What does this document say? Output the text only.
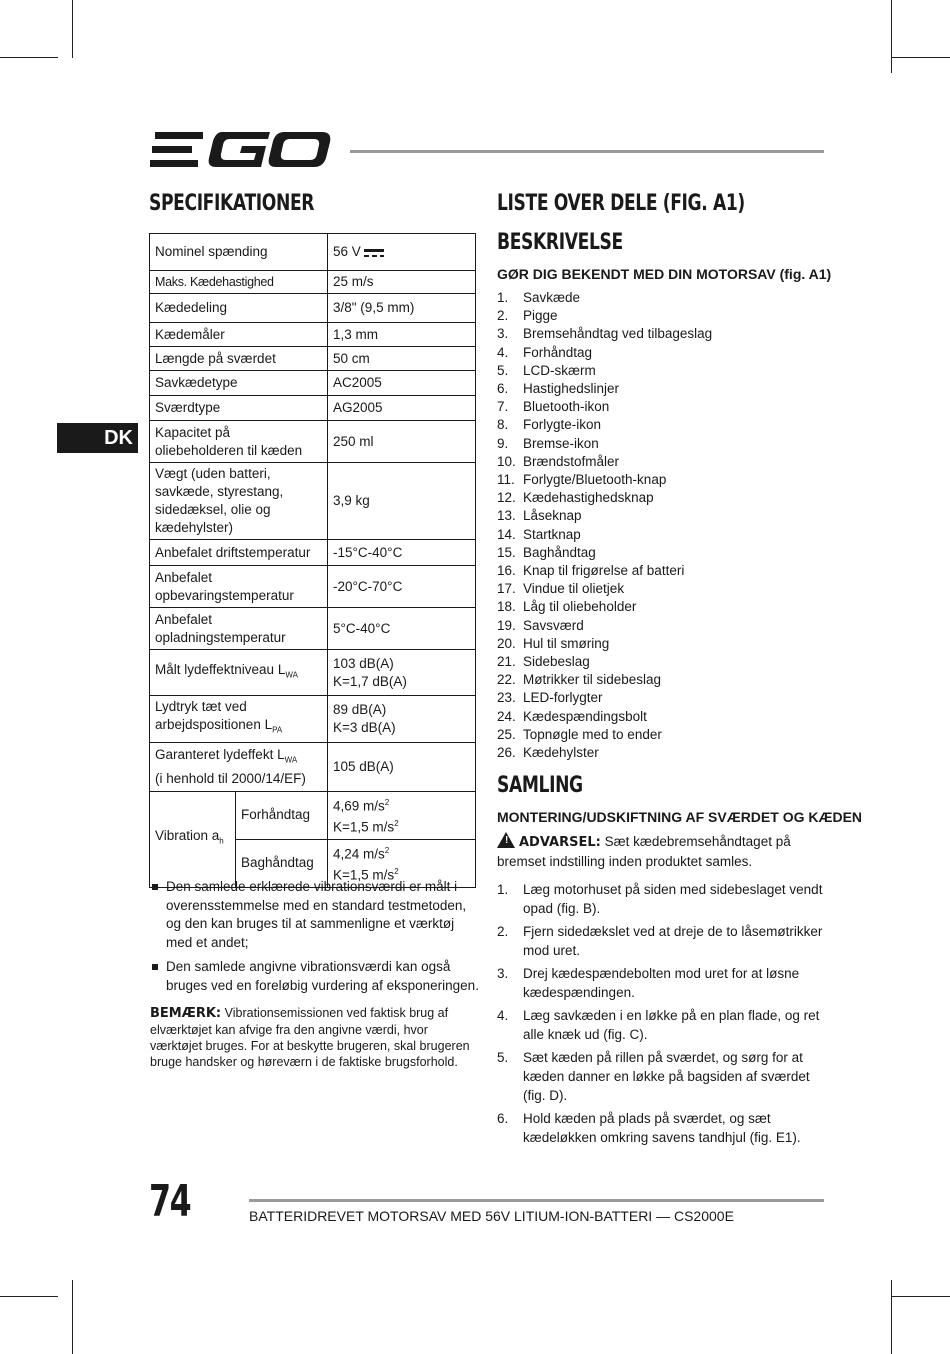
DK
SPECIFIKATIONER
Nominel spænding		56 V
Maks. Kædehastighed		25 m/s
Kædedeling		3/8" (9,5 mm)
Kædemåler		1,3 mm
Længde på sværdet		50 cm
Savkædetype		AC2005
Sværdtype		AG2005
Kapacitet på oliebeholderen til kæden		250 ml
Vægt (uden batteri, savkæde, styrestang, sidedæksel, olie og kædehylster)		3,9 kg
Anbefalet driftstemperatur		-15°C-40°C
Anbefalet opbevaringstemperatur		-20°C-70°C
Anbefalet opladningstemperatur		5°C-40°C
Målt lydeffektniveau $L_{WA}$		103 dB(A)
K=1,7 dB(A)
Lydtryk tæt ved arbejdspositionen $L_{PA}$		89 dB(A)
K=3 dB(A)
Garanteret lydeffekt $L_{WA}$
(i henhold til 2000/14/EF)		105 dB(A)
Vibration $a_h$	Forhåndtag	4,69 $m/s^2$
K=1,5 $m/s^2$
	Baghåndtag	4,24 $m/s^2$
K=1,5 $m/s^2$
Den samlede erklærede vibrationsværdi er målt i overensstemmelse med en standard testmetoden, og den kan bruges til at sammenligne et værktøj med et andet;
Den samlede angivne vibrationsværdi kan også bruges ved en foreløbig vurdering af eksponeringen.
BEMÆRK: Vibrationsemissionen ved faktisk brug af elværktøjet kan afvige fra den angivne værdi, hvor værktøjet bruges. For at beskytte brugeren, skal brugeren bruge handsker og høreværn i de faktiske brugsforhold.
LISTE OVER DELE (FIG. A1)
BESKRIVELSE
GØR DIG BEKENDT MED DIN MOTORSAV (fig. A1)
1. Savkæde
2. Pigge
3. Bremsehåndtag ved tilbageslag
4. Forhåndtag
5. LCD-skærm
6. Hastighedslinjer
7. Bluetooth-ikon
8. Forlygte-ikon
9. Bremse-ikon
10. Brændstofmåler
11. Forlygte/Bluetooth-knap
12. Kædehastighedsknap
13. Låseknap
14. Startknap
15. Baghåndtag
16. Knap til frigørelse af batteri
17. Vindue til olietjek
18. Låg til oliebeholder
19. Savsværd
20. Hul til smøring
21. Sidebeslag
22. Møtrikker til sidebeslag
23. LED-forlygter
24. Kædespændingsbolt
25. Topnøgle med to ender
26. Kædehylster
SAMLING
MONTERING/UDSKIFTNING AF SVÆRDET OG KÆDEN
! ADVARSEL: Sæt kædebremsehåndtaget på bremset indstilling inden produktet samles.
1. Læg motorhuset på siden med sidebeslaget vendt opad (fig. B).
2. Fjern sidedækslet ved at dreje de to låsemøtrikker mod uret.
3. Drej kædespændebolten mod uret for at løsne kædespændingen.
4. Læg savkæden i en løkke på en plan flade, og ret alle knæk ud (fig. C).
5. Sæt kæden på rillen på sværdet, og sørg for at kæden danner en løkke på bagsiden af sværdet (fig. D).
6. Hold kæden på plads på sværdet, og sæt kædeløkken omkring savens tandhjul (fig. E1).
74	BATTERIDREVET MOTORSAV MED 56V LITIUM-ION-BATTERI — CS2000E
